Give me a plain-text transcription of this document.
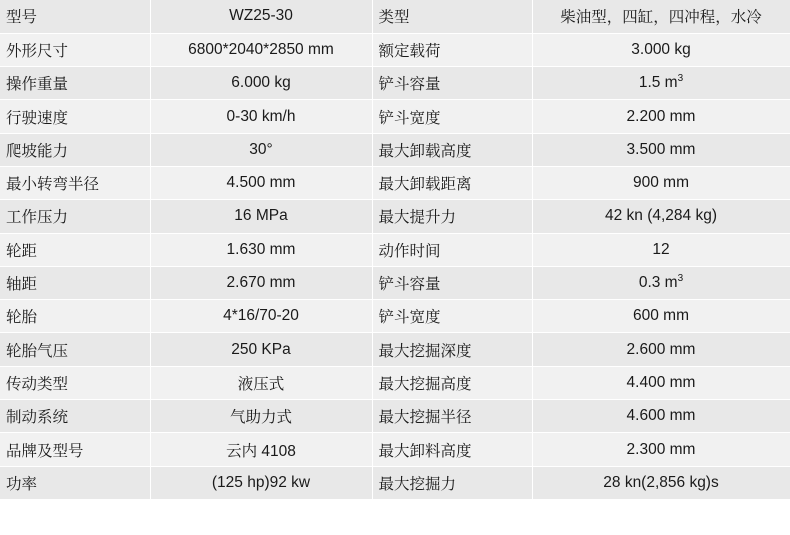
型号	WZ25-30	类型	柴油型，四缸，四冲程，水冷
外形尺寸	6800*2040*2850 mm	额定载荷	3.000 kg
操作重量	6.000 kg	铲斗容量	1.5 $m^3$
行驶速度	0-30 km/h	铲斗宽度	2.200 mm
爬坡能力	30°	最大卸载高度	3.500 mm
最小转弯半径	4.500 mm	最大卸载距离	900 mm
工作压力	16 MPa	最大提升力	42 kn (4,284 kg)
轮距	1.630 mm	动作时间	12
轴距	2.670 mm	铲斗容量	0.3 $m^3$
轮胎	4*16/70-20	铲斗宽度	600 mm
轮胎气压	250 KPa	最大挖掘深度	2.600 mm
传动类型	液压式	最大挖掘高度	4.400 mm
制动系统	气助力式	最大挖掘半径	4.600 mm
品牌及型号	云内 4108	最大卸料高度	2.300 mm
功率	(125 hp)92 kw	最大挖掘力	28 kn(2,856 kg)s
